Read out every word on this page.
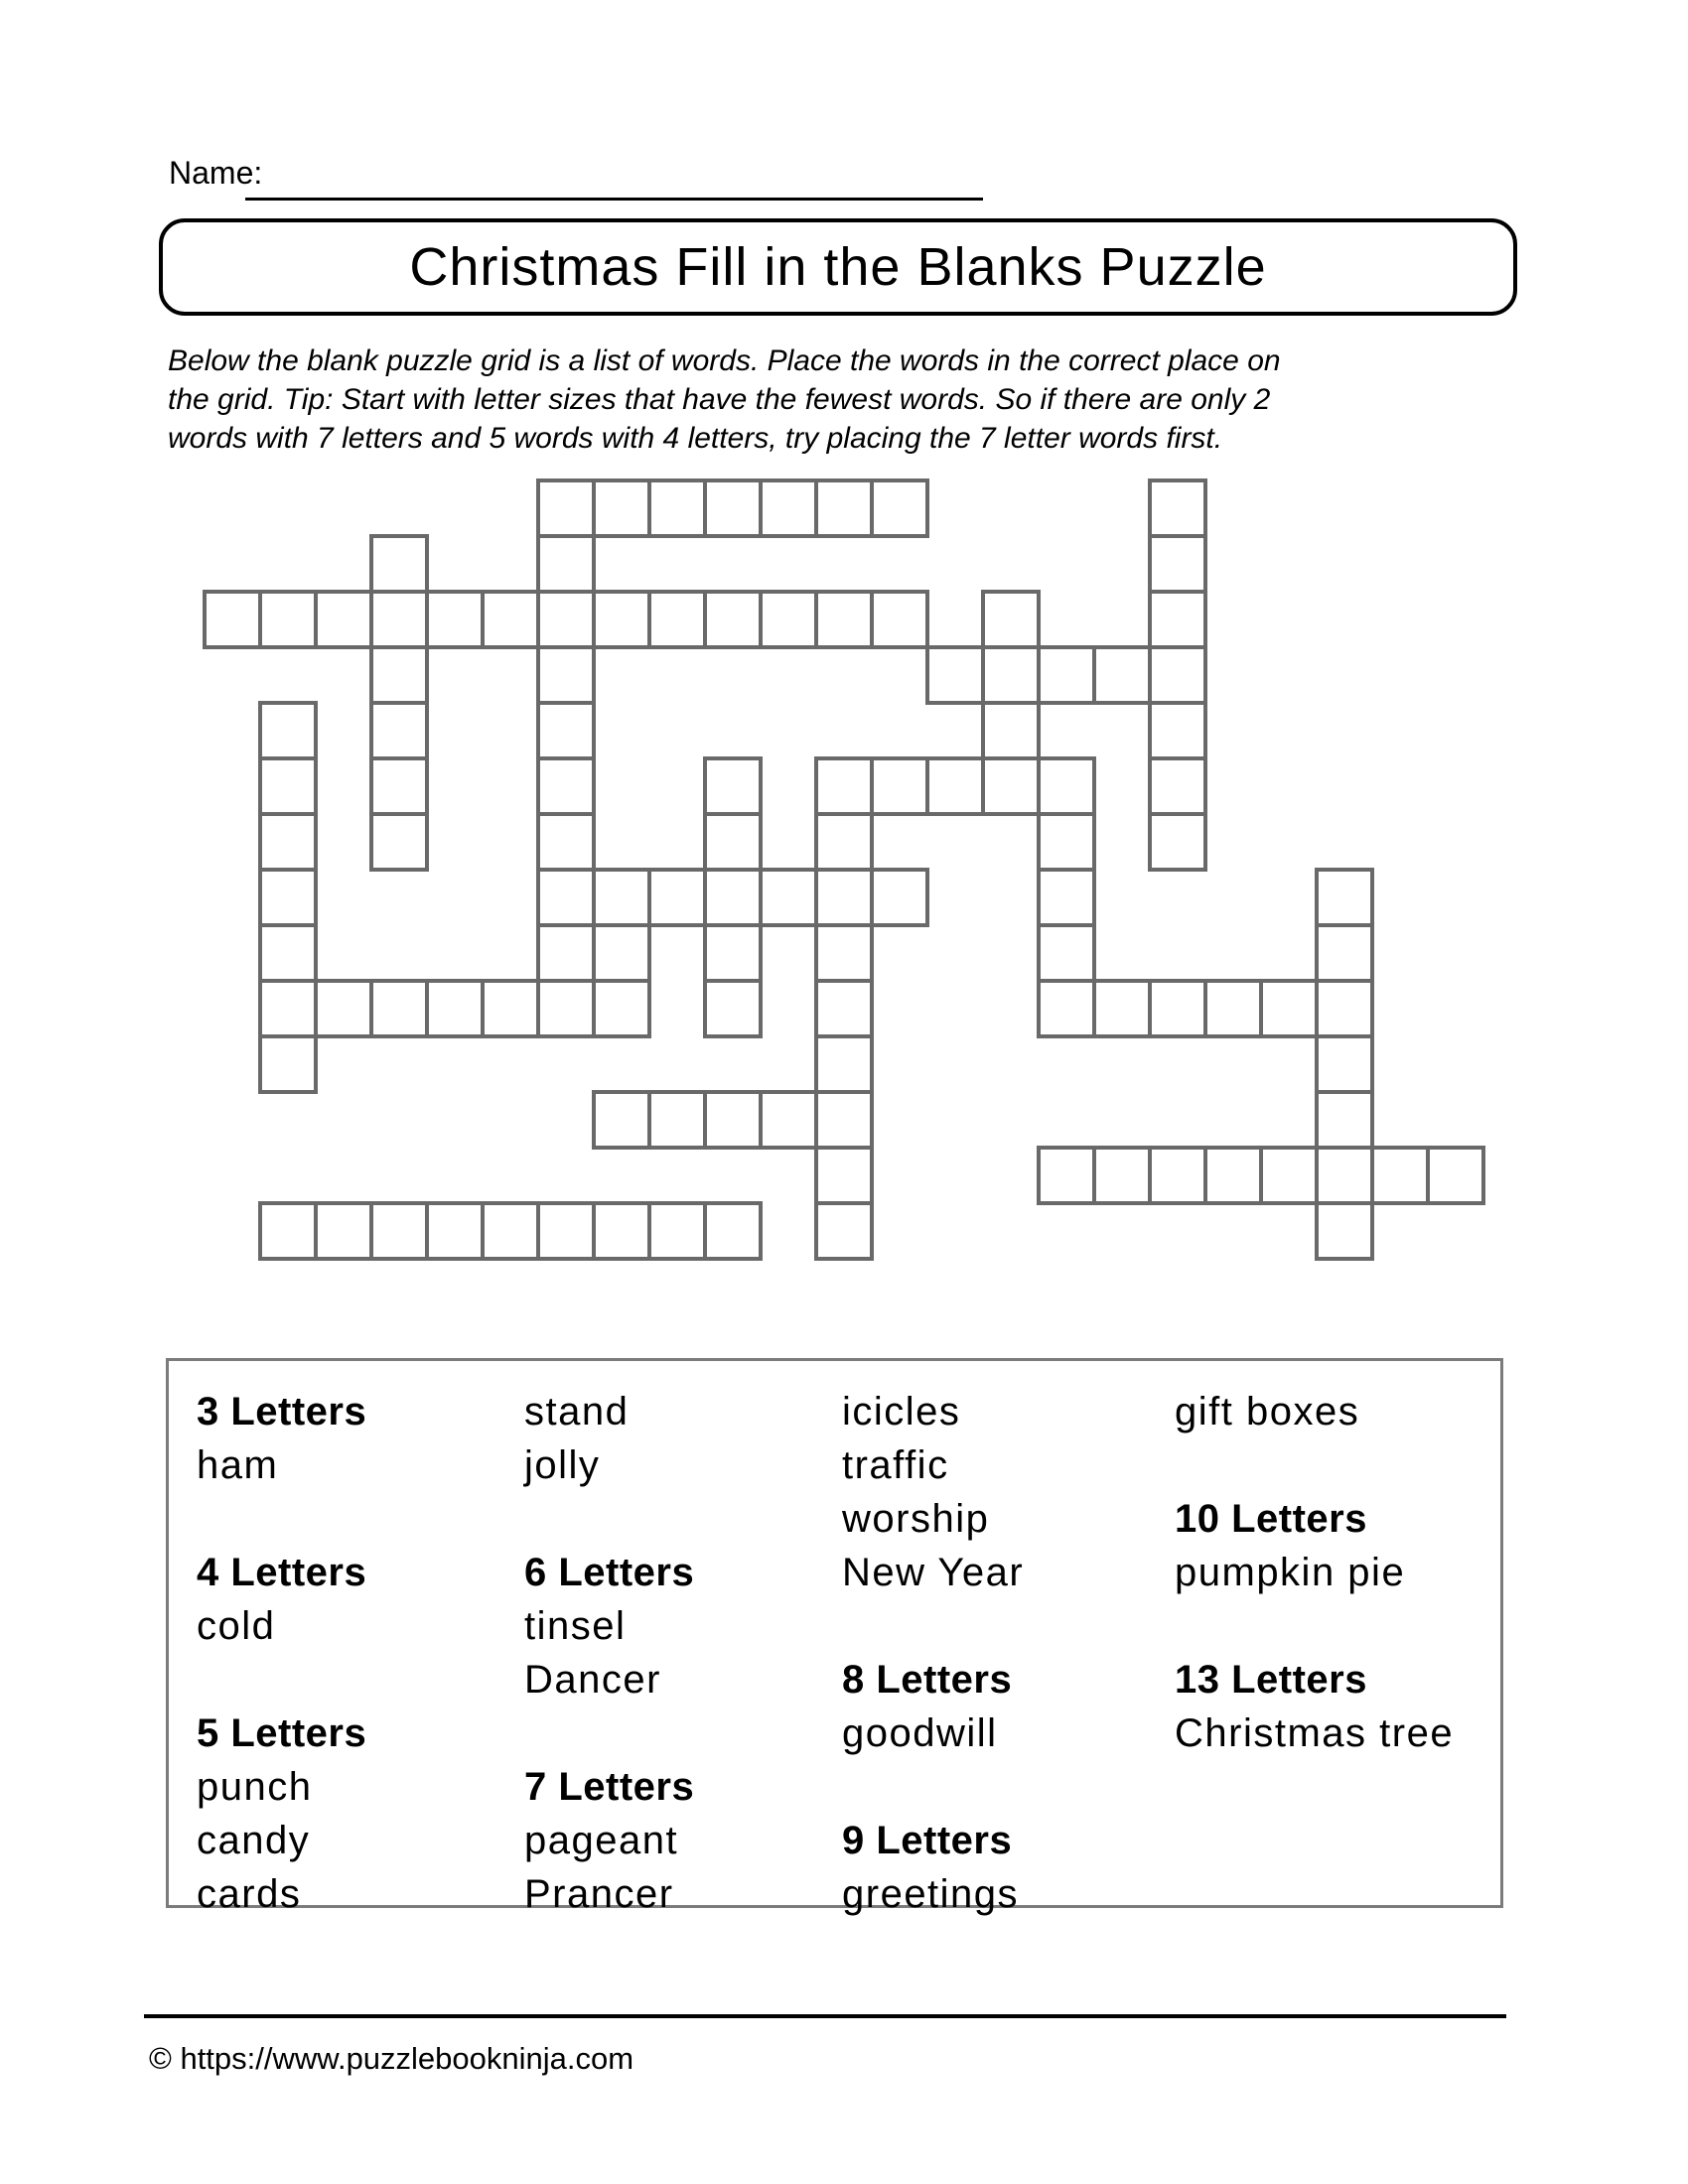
Name:
Christmas Fill in the Blanks Puzzle
Below the blank puzzle grid is a list of words. Place the words in the correct place on
the grid. Tip: Start with letter sizes that have the fewest words. So if there are only 2
words with 7 letters and 5 words with 4 letters, try placing the 7 letter words first.
3 Letters
ham
4 Letters
cold
5 Letters
punch
candy
cards
stand
jolly
6 Letters
tinsel
Dancer
7 Letters
pageant
Prancer
icicles
traffic
worship
New Year
8 Letters
goodwill
9 Letters
greetings
gift boxes
10 Letters
pumpkin pie
13 Letters
Christmas tree
© https://www.puzzlebookninja.com
